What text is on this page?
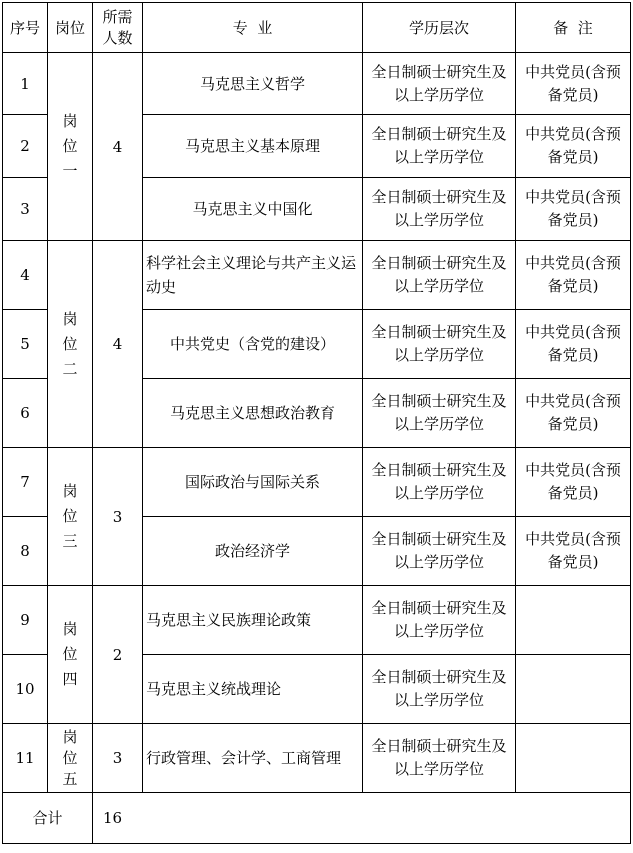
序号	岗位	所需人数	专  业	学历层次	备  注
1	岗位一	4	马克思主义哲学	全日制硕士研究生及以上学历学位	中共党员(含预备党员)
2			马克思主义基本原理	全日制硕士研究生及以上学历学位	中共党员(含预备党员)
3			马克思主义中国化	全日制硕士研究生及以上学历学位	中共党员(含预备党员)
4	岗位二	4	科学社会主义理论与共产主义运动史	全日制硕士研究生及以上学历学位	中共党员(含预备党员)
5			中共党史（含党的建设）	全日制硕士研究生及以上学历学位	中共党员(含预备党员)
6			马克思主义思想政治教育	全日制硕士研究生及以上学历学位	中共党员(含预备党员)
7	岗位三	3	国际政治与国际关系	全日制硕士研究生及以上学历学位	中共党员(含预备党员)
8			政治经济学	全日制硕士研究生及以上学历学位	中共党员(含预备党员)
9	岗位四	2	马克思主义民族理论政策	全日制硕士研究生及以上学历学位	
10			马克思主义统战理论	全日制硕士研究生及以上学历学位	
11	岗位五	3	行政管理、会计学、工商管理	全日制硕士研究生及以上学历学位	
合计		16			
